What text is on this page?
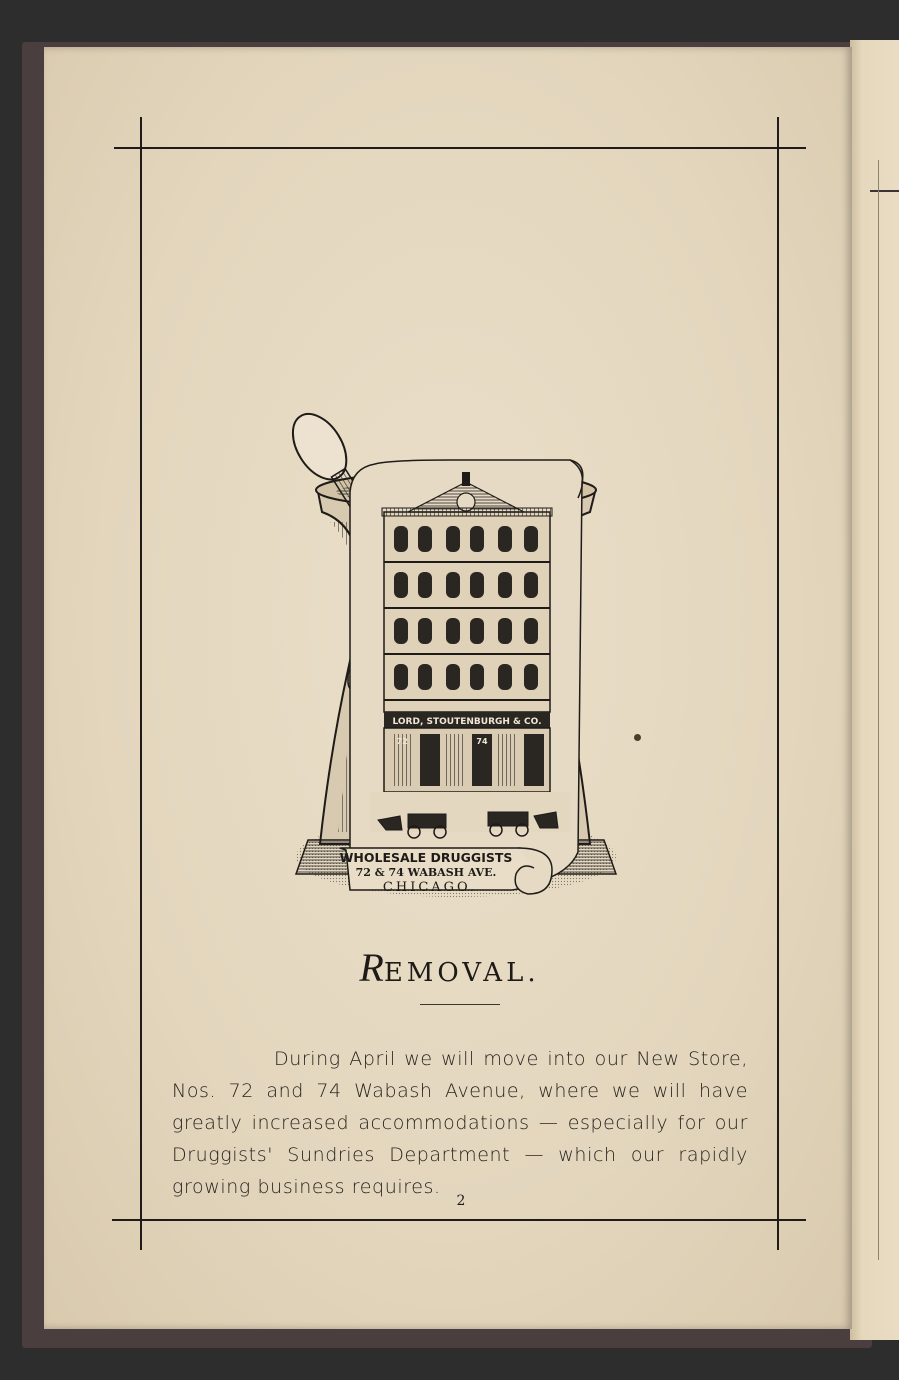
LORD, STOUTENBURGH & CO.
72	74
WHOLESALE DRUGGISTS
72 & 74 WABASH AVE.
CHICAGO.
REMOVAL.

During April we will move into our New Store, Nos. 72 and 74 Wabash Avenue, where we will have greatly increased accommodations — especially for our Druggists' Sundries Department — which our rapidly growing business requires.

2
